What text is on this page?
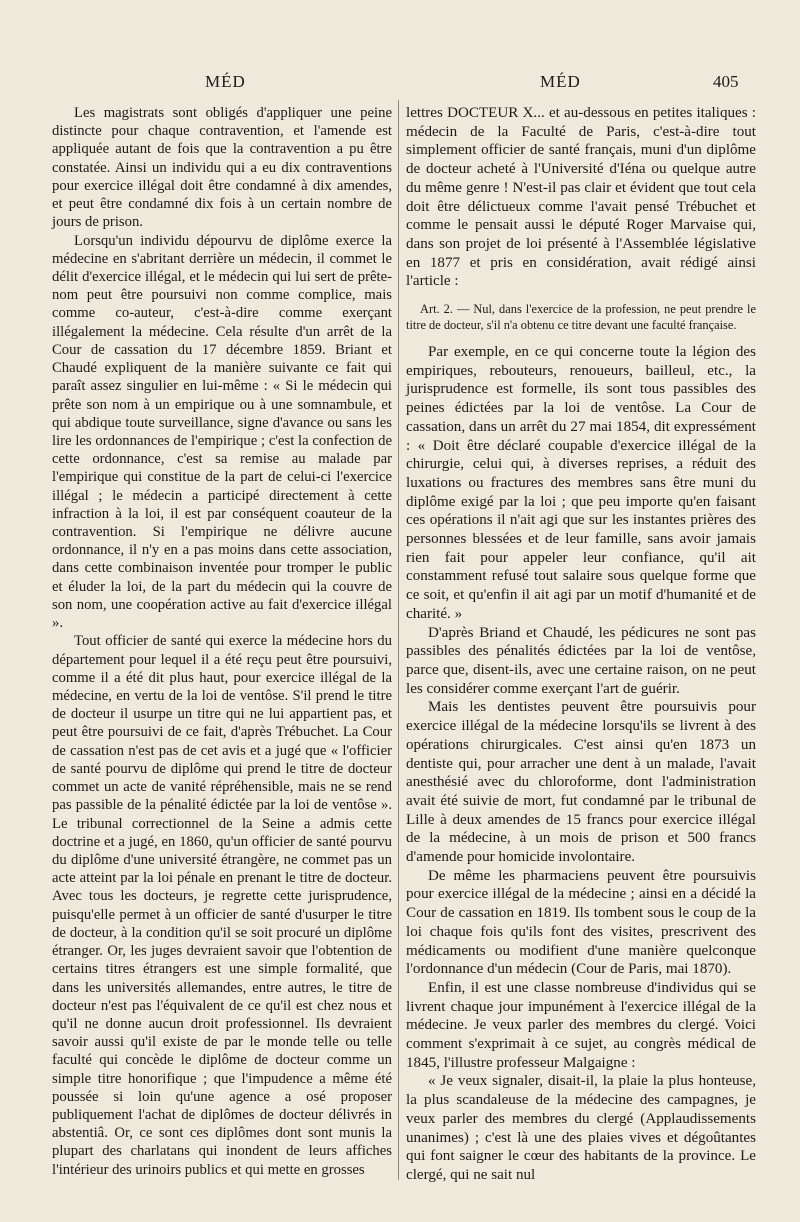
MÉD	MÉD	405

Les magistrats sont obligés d'appliquer une peine distincte pour chaque contravention, et l'amende est appliquée autant de fois que la contravention a pu être constatée. Ainsi un individu qui a eu dix contraventions pour exercice illégal doit être condamné à dix amendes, et peut être condamné dix fois à un certain nombre de jours de prison.

Lorsqu'un individu dépourvu de diplôme exerce la médecine en s'abritant derrière un médecin, il commet le délit d'exercice illégal, et le médecin qui lui sert de prête-nom peut être poursuivi non comme complice, mais comme co-auteur, c'est-à-dire comme exerçant illégalement la médecine. Cela résulte d'un arrêt de la Cour de cassation du 17 décembre 1859. Briant et Chaudé expliquent de la manière suivante ce fait qui paraît assez singulier en lui-même : « Si le médecin qui prête son nom à un empirique ou à une somnambule, et qui abdique toute surveillance, signe d'avance ou sans les lire les ordonnances de l'empirique ; c'est la confection de cette ordonnance, c'est sa remise au malade par l'empirique qui constitue de la part de celui-ci l'exercice illégal ; le médecin a participé directement à cette infraction à la loi, il est par conséquent coauteur de la contravention. Si l'empirique ne délivre aucune ordonnance, il n'y en a pas moins dans cette association, dans cette combinaison inventée pour tromper le public et éluder la loi, de la part du médecin qui la couvre de son nom, une coopération active au fait d'exercice illégal ».

Tout officier de santé qui exerce la médecine hors du département pour lequel il a été reçu peut être poursuivi, comme il a été dit plus haut, pour exercice illégal de la médecine, en vertu de la loi de ventôse. S'il prend le titre de docteur il usurpe un titre qui ne lui appartient pas, et peut être poursuivi de ce fait, d'après Trébuchet. La Cour de cassation n'est pas de cet avis et a jugé que « l'officier de santé pourvu de diplôme qui prend le titre de docteur commet un acte de vanité répréhensible, mais ne se rend pas passible de la pénalité édictée par la loi de ventôse ». Le tribunal correctionnel de la Seine a admis cette doctrine et a jugé, en 1860, qu'un officier de santé pourvu du diplôme d'une université étrangère, ne commet pas un acte atteint par la loi pénale en prenant le titre de docteur. Avec tous les docteurs, je regrette cette jurisprudence, puisqu'elle permet à un officier de santé d'usurper le titre de docteur, à la condition qu'il se soit procuré un diplôme étranger. Or, les juges devraient savoir que l'obtention de certains titres étrangers est une simple formalité, que dans les universités allemandes, entre autres, le titre de docteur n'est pas l'équivalent de ce qu'il est chez nous et qu'il ne donne aucun droit professionnel. Ils devraient savoir aussi qu'il existe de par le monde telle ou telle faculté qui concède le diplôme de docteur comme un simple titre honorifique ; que l'impudence a même été poussée si loin qu'une agence a osé proposer publiquement l'achat de diplômes de docteur délivrés in abstentiâ. Or, ce sont ces diplômes dont sont munis la plupart des charlatans qui inondent de leurs affiches l'intérieur des urinoirs publics et qui mette en grosses

lettres DOCTEUR X... et au-dessous en petites italiques : médecin de la Faculté de Paris, c'est-à-dire tout simplement officier de santé français, muni d'un diplôme de docteur acheté à l'Université d'Iéna ou quelque autre du même genre ! N'est-il pas clair et évident que tout cela doit être délictueux comme l'avait pensé Trébuchet et comme le pensait aussi le député Roger Marvaise qui, dans son projet de loi présenté à l'Assemblée législative en 1877 et pris en considération, avait rédigé ainsi l'article :

Art. 2. — Nul, dans l'exercice de la profession, ne peut prendre le titre de docteur, s'il n'a obtenu ce titre devant une faculté française.

Par exemple, en ce qui concerne toute la légion des empiriques, rebouteurs, renoueurs, bailleul, etc., la jurisprudence est formelle, ils sont tous passibles des peines édictées par la loi de ventôse. La Cour de cassation, dans un arrêt du 27 mai 1854, dit expressément : « Doit être déclaré coupable d'exercice illégal de la chirurgie, celui qui, à diverses reprises, a réduit des luxations ou fractures des membres sans être muni du diplôme exigé par la loi ; que peu importe qu'en faisant ces opérations il n'ait agi que sur les instantes prières des personnes blessées et de leur famille, sans avoir jamais rien fait pour appeler leur confiance, qu'il ait constamment refusé tout salaire sous quelque forme que ce soit, et qu'enfin il ait agi par un motif d'humanité et de charité. »

D'après Briand et Chaudé, les pédicures ne sont pas passibles des pénalités édictées par la loi de ventôse, parce que, disent-ils, avec une certaine raison, on ne peut les considérer comme exerçant l'art de guérir.

Mais les dentistes peuvent être poursuivis pour exercice illégal de la médecine lorsqu'ils se livrent à des opérations chirurgicales. C'est ainsi qu'en 1873 un dentiste qui, pour arracher une dent à un malade, l'avait anesthésié avec du chloroforme, dont l'administration avait été suivie de mort, fut condamné par le tribunal de Lille à deux amendes de 15 francs pour exercice illégal de la médecine, à un mois de prison et 500 francs d'amende pour homicide involontaire.

De même les pharmaciens peuvent être poursuivis pour exercice illégal de la médecine ; ainsi en a décidé la Cour de cassation en 1819. Ils tombent sous le coup de la loi chaque fois qu'ils font des visites, prescrivent des médicaments ou modifient d'une manière quelconque l'ordonnance d'un médecin (Cour de Paris, mai 1870).

Enfin, il est une classe nombreuse d'individus qui se livrent chaque jour impunément à l'exercice illégal de la médecine. Je veux parler des membres du clergé. Voici comment s'exprimait à ce sujet, au congrès médical de 1845, l'illustre professeur Malgaigne :

« Je veux signaler, disait-il, la plaie la plus honteuse, la plus scandaleuse de la médecine des campagnes, je veux parler des membres du clergé (Applaudissements unanimes) ; c'est là une des plaies vives et dégoûtantes qui font saigner le cœur des habitants de la province. Le clergé, qui ne sait nul
